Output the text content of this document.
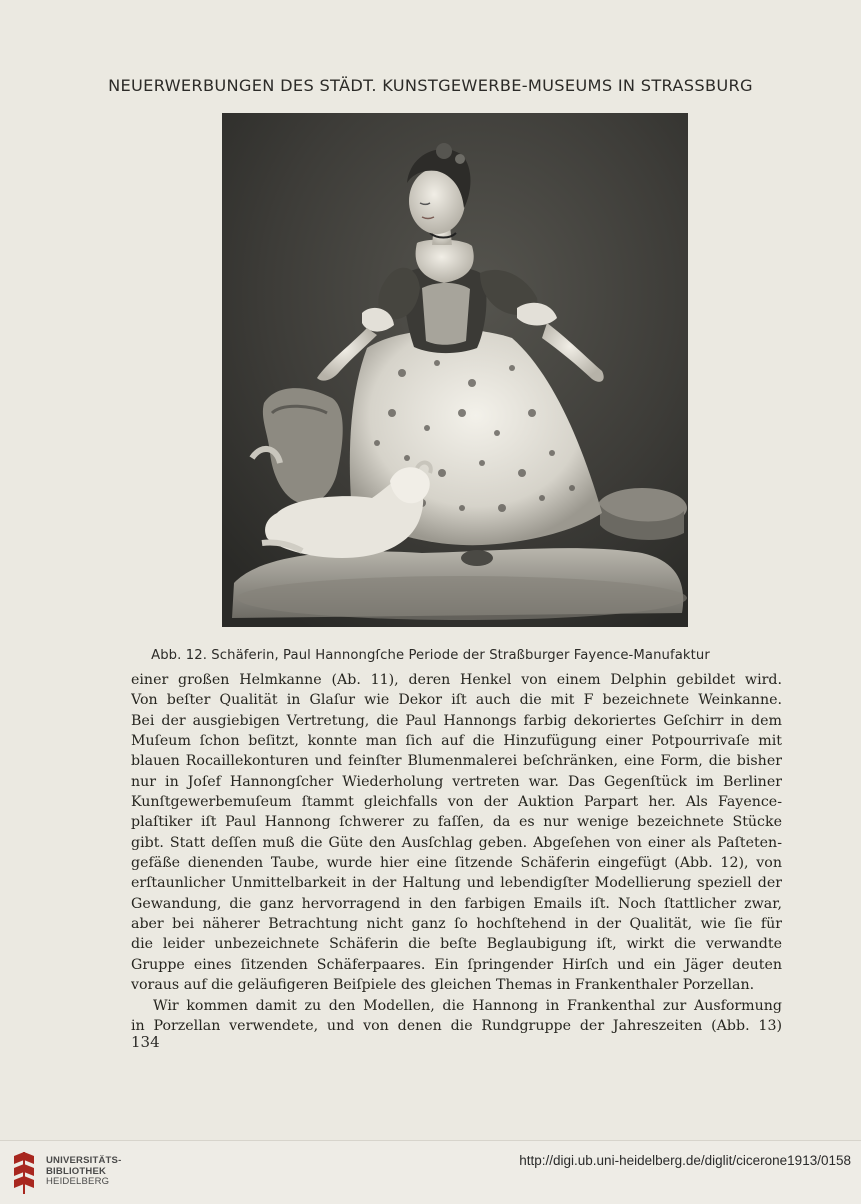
NEUERWERBUNGEN DES STÄDT. KUNSTGEWERBE-MUSEUMS IN STRASSBURG
Abb. 12. Schäferin, Paul Hannongſche Periode der Straßburger Fayence-Manufaktur
einer großen Helmkanne (Ab. 11), deren Henkel von einem Delphin gebildet wird.
Von beſter Qualität in Glaſur wie Dekor iſt auch die mit F bezeichnete Weinkanne.
Bei der ausgiebigen Vertretung, die Paul Hannongs farbig dekoriertes Geſchirr in dem
Muſeum ſchon beſitzt, konnte man ſich auf die Hinzufügung einer Potpourrivaſe mit
blauen Rocaillekonturen und feinſter Blumenmalerei beſchränken, eine Form, die bisher
nur in Joſef Hannongſcher Wiederholung vertreten war. Das Gegenſtück im Berliner
Kunſtgewerbemuſeum ſtammt gleichfalls von der Auktion Parpart her. Als Fayence-
plaſtiker iſt Paul Hannong ſchwerer zu faſſen, da es nur wenige bezeichnete Stücke
gibt. Statt deſſen muß die Güte den Ausſchlag geben. Abgeſehen von einer als Paſteten-
gefäße dienenden Taube, wurde hier eine ſitzende Schäferin eingefügt (Abb. 12), von
erſtaunlicher Unmittelbarkeit in der Haltung und lebendigſter Modellierung speziell der
Gewandung, die ganz hervorragend in den farbigen Emails iſt. Noch ſtattlicher zwar,
aber bei näherer Betrachtung nicht ganz ſo hochſtehend in der Qualität, wie ſie für
die leider unbezeichnete Schäferin die beſte Beglaubigung iſt, wirkt die verwandte
Gruppe eines ſitzenden Schäferpaares. Ein ſpringender Hirſch und ein Jäger deuten
voraus auf die geläufigeren Beiſpiele des gleichen Themas in Frankenthaler Porzellan.
Wir kommen damit zu den Modellen, die Hannong in Frankenthal zur Ausformung
in Porzellan verwendete, und von denen die Rundgruppe der Jahreszeiten (Abb. 13)
134
UNIVERSITÄTS-
BIBLIOTHEK
HEIDELBERG
http://digi.ub.uni-heidelberg.de/diglit/cicerone1913/0158
